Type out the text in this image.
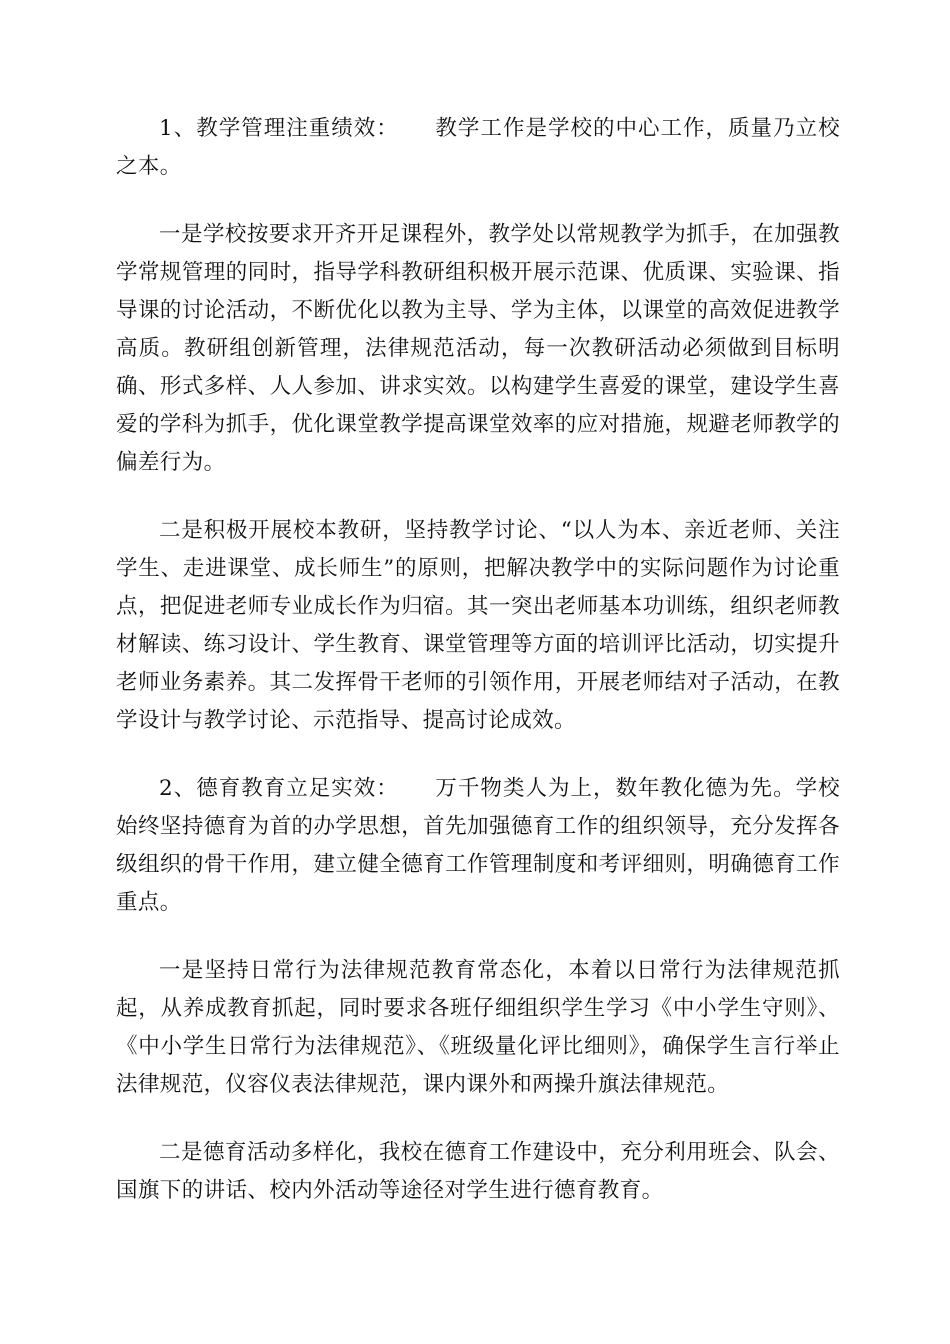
1、教学管理注重绩效： 教学工作是学校的中心工作，质量乃立校之本。

一是学校按要求开齐开足课程外，教学处以常规教学为抓手，在加强教学常规管理的同时，指导学科教研组积极开展示范课、优质课、实验课、指导课的讨论活动，不断优化以教为主导、学为主体，以课堂的高效促进教学高质。教研组创新管理，法律规范活动，每一次教研活动必须做到目标明确、形式多样、人人参加、讲求实效。以构建学生喜爱的课堂，建设学生喜爱的学科为抓手，优化课堂教学提高课堂效率的应对措施，规避老师教学的偏差行为。

二是积极开展校本教研，坚持教学讨论、“以人为本、亲近老师、关注学生、走进课堂、成长师生”的原则，把解决教学中的实际问题作为讨论重点，把促进老师专业成长作为归宿。其一突出老师基本功训练，组织老师教材解读、练习设计、学生教育、课堂管理等方面的培训评比活动，切实提升老师业务素养。其二发挥骨干老师的引领作用，开展老师结对子活动，在教学设计与教学讨论、示范指导、提高讨论成效。

2、德育教育立足实效： 万千物类人为上，数年教化德为先。学校始终坚持德育为首的办学思想，首先加强德育工作的组织领导，充分发挥各级组织的骨干作用，建立健全德育工作管理制度和考评细则，明确德育工作重点。

一是坚持日常行为法律规范教育常态化，本着以日常行为法律规范抓起，从养成教育抓起，同时要求各班仔细组织学生学习《中小学生守则》、《中小学生日常行为法律规范》、《班级量化评比细则》，确保学生言行举止法律规范，仪容仪表法律规范，课内课外和两操升旗法律规范。

二是德育活动多样化，我校在德育工作建设中，充分利用班会、队会、国旗下的讲话、校内外活动等途径对学生进行德育教育。
